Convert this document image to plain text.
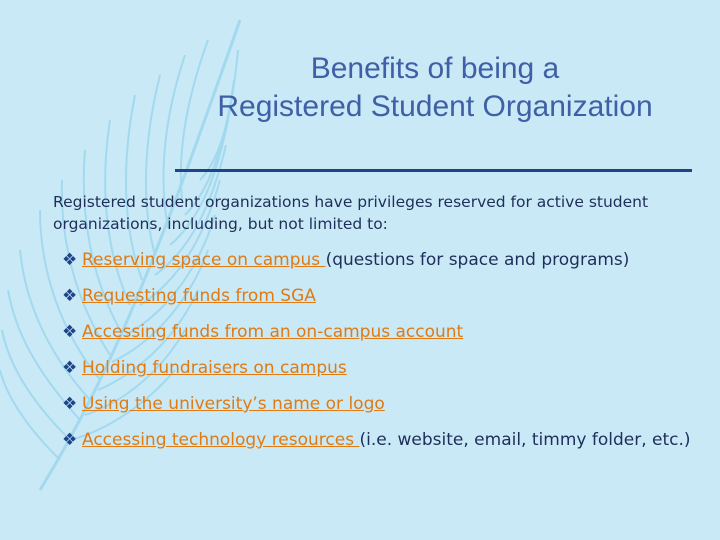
Benefits of being a
Registered Student Organization
Registered student organizations have privileges reserved for active student organizations, including, but not limited to:
❖ Reserving space on campus (questions for space and programs)
❖ Requesting funds from SGA
❖ Accessing funds from an on-campus account
❖ Holding fundraisers on campus
❖ Using the university’s name or logo
❖ Accessing technology resources (i.e. website, email, timmy folder, etc.)
